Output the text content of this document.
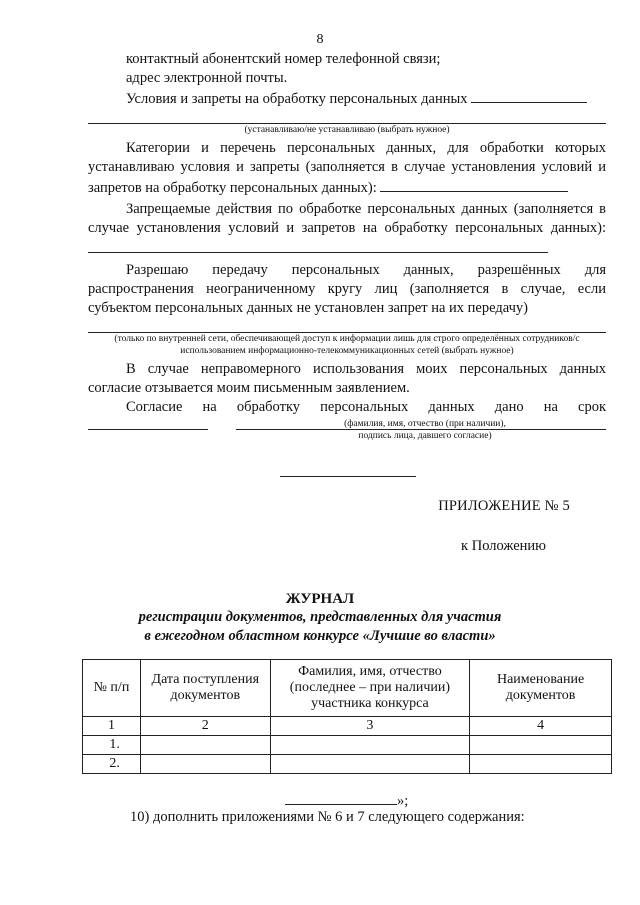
8

контактный абонентский номер телефонной связи;

адрес электронной почты.

Условия и запреты на обработку персональных данных

(устанавливаю/не устанавливаю (выбрать нужное)

Категории и перечень персональных данных, для обработки которых устанавливаю условия и запреты (заполняется в случае установления условий и запретов на обработку персональных данных):

Запрещаемые действия по обработке персональных данных (заполняется в случае установления условий и запретов на обработку персональных данных):

Разрешаю передачу персональных данных, разрешённых для распространения неограниченному кругу лиц (заполняется в случае, если субъектом персональных данных не установлен запрет на их передачу)

(только по внутренней сети, обеспечивающей доступ к информации лишь для строго определённых сотрудников/с использованием информационно-телекоммуникационных сетей (выбрать нужное)

В случае неправомерного использования моих персональных данных согласие отзывается моим письменным заявлением.

Согласие на обработку персональных данных дано на срок
(фамилия, имя, отчество (при наличии), подпись лица, давшего согласие)
ПРИЛОЖЕНИЕ № 5
к Положению
ЖУРНАЛ
регистрации документов, представленных для участия
в ежегодном областном конкурсе «Лучшие во власти»
№ п/п	Дата поступления документов	Фамилия, имя, отчество (последнее – при наличии) участника конкурса	Наименование документов
1	2	3	4
1.			
2.			
»;
10) дополнить приложениями № 6 и 7 следующего содержания:
